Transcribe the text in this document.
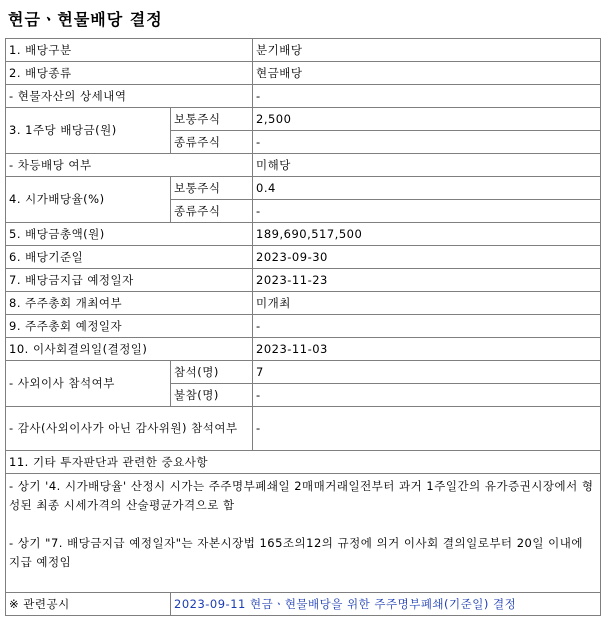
현금ㆍ현물배당 결정
1. 배당구분		분기배당
2. 배당종류		현금배당
- 현물자산의 상세내역		-
3. 1주당 배당금(원)	보통주식	2,500
	종류주식	-
- 차등배당 여부		미해당
4. 시가배당율(%)	보통주식	0.4
	종류주식	-
5. 배당금총액(원)		189,690,517,500
6. 배당기준일		2023-09-30
7. 배당금지급 예정일자		2023-11-23
8. 주주총회 개최여부		미개최
9. 주주총회 예정일자		-
10. 이사회결의일(결정일)		2023-11-03
- 사외이사 참석여부	참석(명)	7
	불참(명)	-
- 감사(사외이사가 아닌 감사위원) 참석여부		-
11. 기타 투자판단과 관련한 중요사항		

- 상기 '4. 시가배당율' 산정시 시가는 주주명부폐쇄일 2매매거래일전부터 과거 1주일간의 유가증권시장에서 형성된 최종 시세가격의 산술평균가격으로 함
- 상기 "7. 배당금지급 예정일자"는 자본시장법 165조의12의 규정에 의거 이사회 결의일로부터 20일 이내에 지급 예정임		

※ 관련공시	2023-09-11 현금ㆍ현물배당을 위한 주주명부폐쇄(기준일) 결정	
